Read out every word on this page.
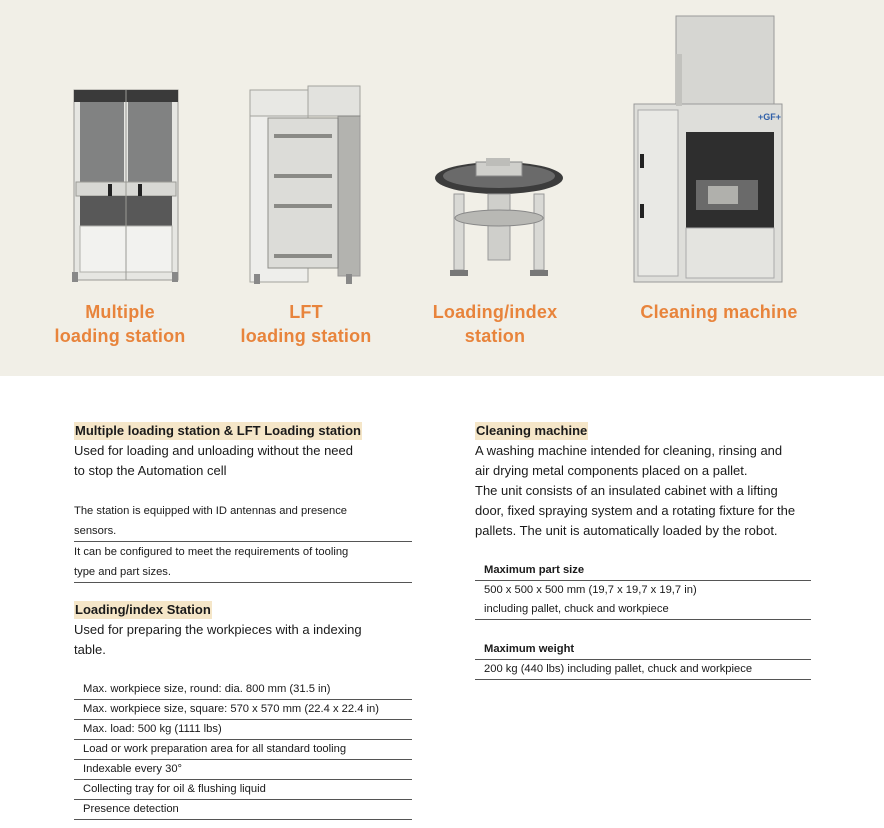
+GF+
Multiple
loading station
LFT
loading station
Loading/index
station
Cleaning machine
Multiple loading station & LFT Loading station
Used for loading and unloading without the need
to stop the Automation cell
The station is equipped with ID antennas and presence
sensors.
It can be configured to meet the requirements of tooling
type and part sizes.
Loading/index Station
Used for preparing the workpieces with a indexing
table.
Max. workpiece size, round: dia. 800 mm (31.5 in)
Max. workpiece size, square: 570 x 570 mm (22.4 x 22.4 in)
Max. load: 500 kg (1111 lbs)
Load or work preparation area for all standard tooling
Indexable every 30°
Collecting tray for oil & flushing liquid
Presence detection
Cleaning machine
A washing machine intended for cleaning, rinsing and
air drying metal components placed on a pallet.
The unit consists of an insulated cabinet with a lifting
door, fixed spraying system and a rotating fixture for the
pallets. The unit is automatically loaded by the robot.
Maximum part size
500 x 500 x 500 mm (19,7 x 19,7 x 19,7 in)
including pallet, chuck and workpiece
Maximum weight
200 kg (440 lbs) including pallet, chuck and workpiece
